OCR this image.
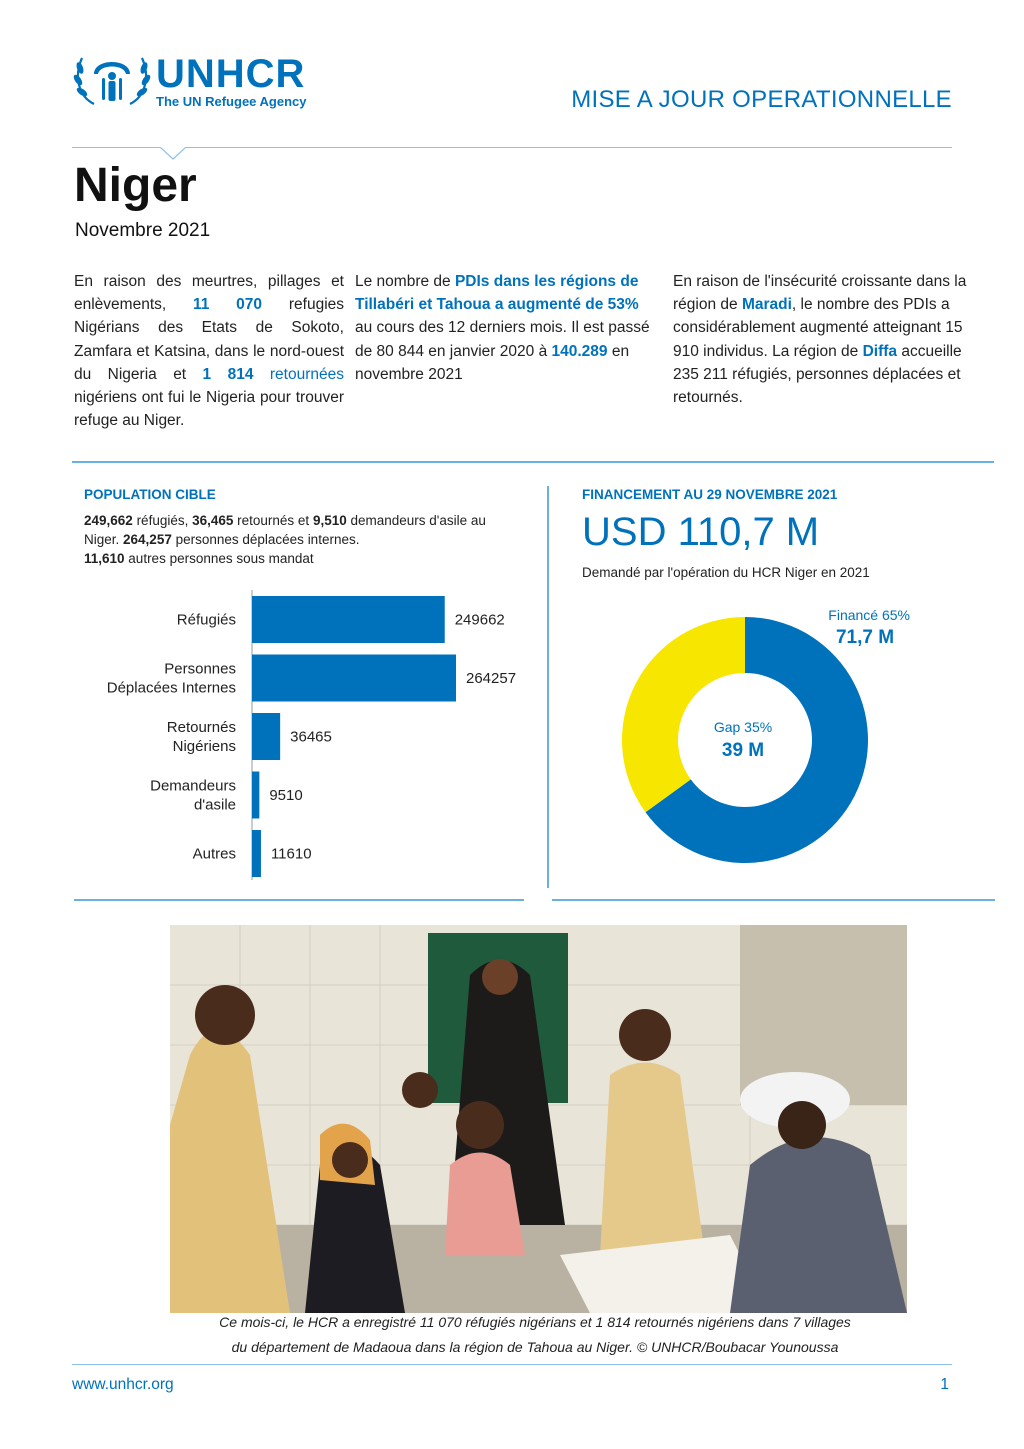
UNHCR
The UN Refugee Agency	MISE A JOUR OPERATIONNELLE
Niger
Novembre 2021
En raison des meurtres, pillages et enlèvements, 11 070 refugies Nigérians des Etats de Sokoto, Zamfara et Katsina, dans le nord-ouest du Nigeria et 1 814 retournées nigériens ont fui le Nigeria pour trouver refuge au Niger.
Le nombre de PDIs dans les régions de Tillabéri et Tahoua a augmenté de 53% au cours des 12 derniers mois. Il est passé de 80 844 en janvier 2020 à 140.289 en novembre 2021
En raison de l'insécurité croissante dans la région de Maradi, le nombre des PDIs a considérablement augmenté atteignant 15 910 individus. La région de Diffa accueille 235 211 réfugiés, personnes déplacées et retournés.
POPULATION CIBLE
249,662 réfugiés, 36,465 retournés et 9,510 demandeurs d'asile au Niger. 264,257 personnes déplacées internes.
11,610 autres personnes sous mandat
249662
Réfugiés
264257
Personnes
Déplacées Internes
36465
Retournés
Nigériens
9510
Demandeurs
d'asile
11610
Autres
FINANCEMENT AU 29 NOVEMBRE 2021
USD 110,7 M
Demandé par l'opération du HCR Niger en 2021
Financé 65%
71,7 M
Gap 35%
39 M
Ce mois-ci, le HCR a enregistré 11 070 réfugiés nigérians et 1 814 retournés nigériens dans 7 villages
du département de Madaoua dans la région de Tahoua au Niger. © UNHCR/Boubacar Younoussa
www.unhcr.org	1
